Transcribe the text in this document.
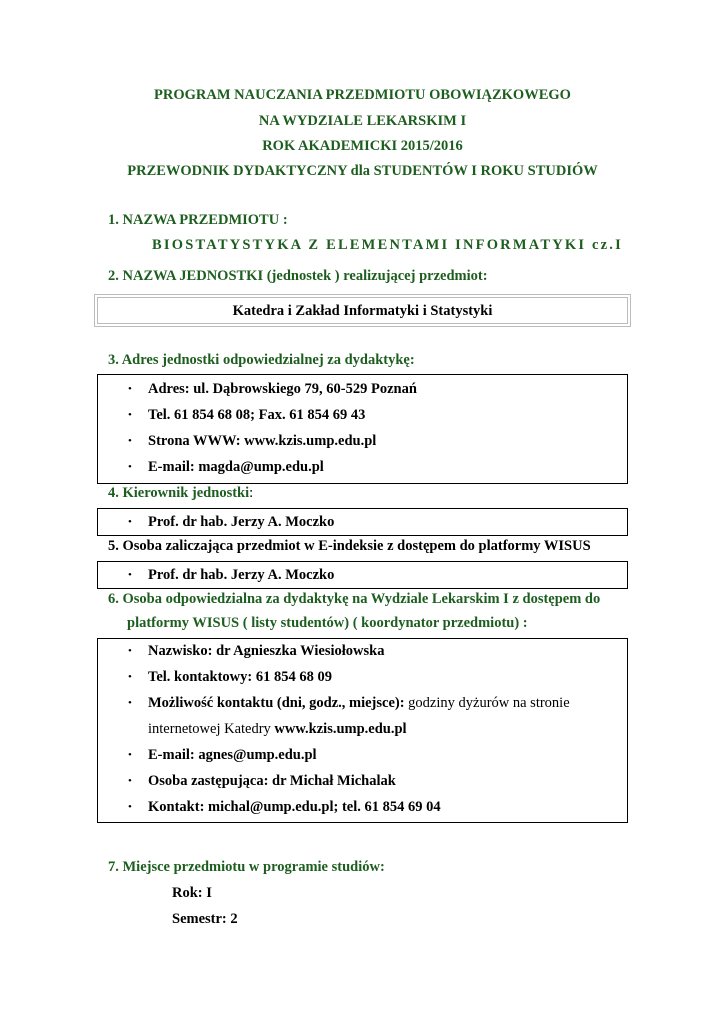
PROGRAM NAUCZANIA PRZEDMIOTU OBOWIĄZKOWEGO
NA WYDZIALE LEKARSKIM I
ROK AKADEMICKI 2015/2016
PRZEWODNIK DYDAKTYCZNY dla STUDENTÓW I ROKU STUDIÓW
1. NAZWA PRZEDMIOTU :
BIOSTATYSTYKA Z ELEMENTAMI INFORMATYKI cz.I
2. NAZWA JEDNOSTKI (jednostek ) realizującej przedmiot:
Katedra i Zakład Informatyki i Statystyki
3. Adres jednostki odpowiedzialnej za dydaktykę:
• Adres: ul. Dąbrowskiego 79, 60-529 Poznań
• Tel. 61 854 68 08; Fax. 61 854 69 43
• Strona WWW: www.kzis.ump.edu.pl
• E-mail: magda@ump.edu.pl
4. Kierownik jednostki:
• Prof. dr hab. Jerzy A. Moczko
5. Osoba zaliczająca przedmiot w E-indeksie z dostępem do platformy WISUS
• Prof. dr hab. Jerzy A. Moczko
6. Osoba odpowiedzialna za dydaktykę na Wydziale Lekarskim I z dostępem do
platformy WISUS ( listy studentów) ( koordynator przedmiotu) :
• Nazwisko: dr Agnieszka Wiesiołowska
• Tel. kontaktowy: 61 854 68 09
• Możliwość kontaktu (dni, godz., miejsce): godziny dyżurów na stronie
internetowej Katedry www.kzis.ump.edu.pl
• E-mail: agnes@ump.edu.pl
• Osoba zastępująca: dr Michał Michalak
• Kontakt: michal@ump.edu.pl; tel. 61 854 69 04
7. Miejsce przedmiotu w programie studiów:
Rok: I
Semestr: 2
